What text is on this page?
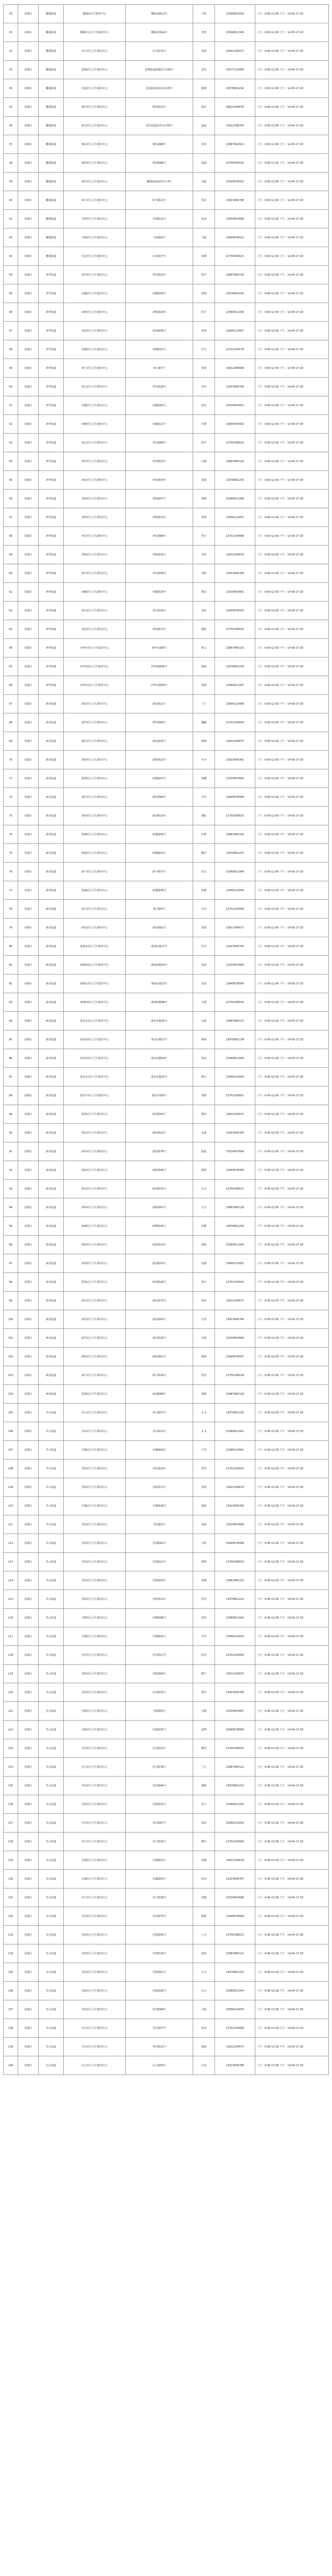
30	花城区	穗城街道	穗城南卫生服务中心	穗城南路13号	王辉	13566610000	上午：8:00-12:00 下午：14:00-17:30
31	花城区	穗城街道	穗城北社区卫生服务中心	穗城北路42号	李明	13566612345	上午：8:00-12:00 下午：14:00-17:30
32	花城区	穗城街道	东方社区卫生服务中心	东方路15号	张丽	15902196317	上午：8:00-12:00 下午：14:00-17:30
33	花城区	穗城街道	新城社区卫生服务中心	新城街道新城社区108号	刘芳	13577123456	上午：8:00-12:00 下午：14:00-17:30
34	花城区	穗城街道	花园社区卫生服务中心	花园街道花园社区26号	陈静	13578901234	上午：8:00-12:00 下午：14:00-17:30
35	花城区	穗城街道	锦华社区卫生服务中心	锦华路23号	杨洋	18612345678	上午：8:00-12:00 下午：14:00-17:30
36	花城区	穗城街道	阳光社区卫生服务中心	阳光街道阳光社区58号	赵磊	13912348765	上午：8:00-12:00 下午：14:00-17:30
37	花城区	穗城街道	城东社区卫生服务中心	城东路88号	黄伟	13687654321	上午：8:00-12:00 下午：14:00-17:30
38	花城区	穗城街道	城西社区卫生服务中心	城西路66号	周强	13798765432	上午：8:00-12:00 下午：14:00-17:30
39	花城区	穗城街道	康乐社区卫生服务中心	穗城街道康乐社区4号	吴敏	13545678901	上午：8:00-12:00 下午：14:00-17:30
40	花城区	穗城街道	和平社区卫生服务中心	和平路12号	郑洁	13823456789	上午：8:00-12:00 下午：14:00-17:30
41	花城区	穗城街道	光明社区卫生服务中心	光明路31号	孙涛	13934567890	上午：8:00-12:00 下午：14:00-17:30
42	花城区	穗城街道	幸福社区卫生服务中心	幸福路9号	马超	13645678912	上午：8:00-12:00 下午：14:00-17:30
43	花城区	穗城街道	长安社区卫生服务中心	长安路77号	朱琳	13756789023	上午：8:00-12:00 下午：14:00-17:30
44	花城区	西华街道	西华社区卫生服务中心	西华路23号	胡军	13867890134	上午：8:00-12:00 下午：14:00-17:30
45	花城区	西华街道	西湖社区卫生服务中心	西湖路45号	林峰	13978901245	上午：8:00-12:00 下午：14:00-17:30
46	花城区	西华街道	西岭社区卫生服务中心	西岭路18号	何平	13589012356	上午：8:00-12:00 下午：14:00-17:30
47	花城区	西华街道	西苑社区卫生服务中心	西苑路36号	高翔	13690123467	上午：8:00-12:00 下午：14:00-17:30
48	花城区	西华街道	西城社区卫生服务中心	西城路52号	罗丹	13701234578	上午：8:00-12:00 下午：14:00-17:30
49	花城区	西华街道	西门社区卫生服务中心	西门路7号	梁爽	13812345689	上午：8:00-12:00 下午：14:00-17:30
50	花城区	西华街道	西关社区卫生服务中心	西关路29号	宋佳	13923456790	上午：8:00-12:00 下午：14:00-17:30
51	花城区	西华街道	西溪社区卫生服务中心	西溪路63号	唐亮	13534567801	上午：8:00-12:00 下午：14:00-17:30
52	花城区	西华街道	西塘社区卫生服务中心	西塘路11号	许静	13645678902	上午：8:00-12:00 下午：14:00-17:30
53	花城区	西华街道	西山社区卫生服务中心	西山路84号	韩雪	13756789013	上午：8:00-12:00 下午：14:00-17:30
54	花城区	西华街道	西坪社区卫生服务中心	西坪路20号	冯刚	13867890124	上午：8:00-12:00 下午：14:00-17:30
55	花城区	西华街道	西滨社区卫生服务中心	西滨路39号	邓超	13978901235	上午：8:00-12:00 下午：14:00-17:30
56	花城区	西华街道	西海社区卫生服务中心	西海路57号	曹颖	13589012346	上午：8:00-12:00 下午：14:00-17:30
57	花城区	西华街道	西林社区卫生服务中心	西林路14号	彭博	13690123457	上午：8:00-12:00 下午：14:00-17:30
58	花城区	西华街道	西岸社区卫生服务中心	西岸路68号	曾宇	13701234568	上午：8:00-12:00 下午：14:00-17:30
59	花城区	西华街道	西桥社区卫生服务中心	西桥路33号	肖然	13812345679	上午：8:00-12:00 下午：14:00-17:30
60	花城区	西华街道	西亭社区卫生服务中心	西亭路49号	田野	13923456780	上午：8:00-12:00 下午：14:00-17:30
61	花城区	西华街道	西楼社区卫生服务中心	西楼路25号	董洁	13534567891	上午：8:00-12:00 下午：14:00-17:30
62	花城区	西华街道	西庄社区卫生服务中心	西庄路16号	袁浩	13645678903	上午：8:00-12:00 下午：14:00-17:30
63	花城区	西华街道	西园社区卫生服务中心	西园路72号	潘婷	13756789014	上午：8:00-12:00 下午：14:00-17:30
64	花城区	西华街道	西华东社区卫生服务中心	西华东路8号	蒋文	13867890125	上午：8:00-12:00 下午：14:00-17:30
65	花城区	西华街道	西华南社区卫生服务中心	西华南路30号	蔡丽	13978901236	上午：8:00-12:00 下午：14:00-17:30
66	花城区	西华街道	西华北社区卫生服务中心	西华北路44号	贾斌	13589012347	上午：8:00-12:00 下午：14:00-17:30
67	花城区	新安街道	新安社区卫生服务中心	新安路21号	丁宁	13690123458	上午：8:00-12:00 下午：14:00-17:30
68	花城区	新安街道	新华社区卫生服务中心	新华路60号	魏巍	13701234569	上午：8:00-12:00 下午：14:00-17:30
69	花城区	新安街道	新民社区卫生服务中心	新民路35号	薛梅	13812345670	上午：8:00-12:00 下午：14:00-17:30
70	花城区	新安街道	新桥社区卫生服务中心	新桥路12号	叶青	13923456781	上午：8:00-12:00 下午：14:00-17:30
71	花城区	新安街道	新港社区卫生服务中心	新港路47号	阎鹏	13534567892	上午：8:00-12:00 下午：14:00-17:30
72	花城区	新安街道	新村社区卫生服务中心	新村路83号	余华	13645678904	上午：8:00-12:00 下午：14:00-17:30
73	花城区	新安街道	新河社区卫生服务中心	新河路19号	潘阳	13756789015	上午：8:00-12:00 下午：14:00-17:30
74	花城区	新安街道	新湖社区卫生服务中心	新湖路56号	杜鹃	13867890126	上午：8:00-12:00 下午：14:00-17:30
75	花城区	新安街道	新塘社区卫生服务中心	新塘路24号	戴军	13978901237	上午：8:00-12:00 下午：14:00-17:30
76	花城区	新安街道	新丰社区卫生服务中心	新丰路71号	夏天	13589012348	上午：8:00-12:00 下午：14:00-17:30
77	花城区	新安街道	新盛社区卫生服务中心	新盛路38号	钟毅	13690123459	上午：8:00-12:00 下午：14:00-17:30
78	花城区	新安街道	新兴社区卫生服务中心	新兴路5号	汪洋	13701234560	上午：8:00-12:00 下午：14:00-17:30
79	花城区	新安街道	新光社区卫生服务中心	新光路62号	田甜	13812345671	上午：8:00-12:00 下午：14:00-17:30
80	花城区	新安街道	新城东社区卫生服务中心	新城东路27号	任杰	13923456782	上午：8:00-12:00 下午：14:00-17:30
81	花城区	新安街道	新城南社区卫生服务中心	新城南路50号	姜涛	13534567893	上午：8:00-12:00 下午：14:00-17:30
82	花城区	新安街道	新城北社区卫生服务中心	新城北路13号	范冰	13645678905	上午：8:00-12:00 下午：14:00-17:30
83	花城区	新安街道	新城西社区卫生服务中心	新城西路88号	方圆	13756789016	上午：8:00-12:00 下午：14:00-17:30
84	花城区	新安街道	新安东社区卫生服务中心	新安东路41号	石磊	13867890127	上午：8:00-12:00 下午：14:00-17:30
85	花城区	新安街道	新安西社区卫生服务中心	新安西路17号	姚明	13978901238	上午：8:00-12:00 下午：14:00-17:30
86	花城区	新安街道	新安南社区卫生服务中心	新安南路64号	谭晶	13589012349	上午：8:00-12:00 下午：14:00-17:30
87	花城区	新安街道	新安北社区卫生服务中心	新安北路32号	廖凡	13690123450	上午：8:00-12:00 下午：14:00-17:30
88	花城区	新安街道	新安中社区卫生服务中心	新安中路9号	邹静	13701234561	上午：8:00-12:00 下午：14:00-17:30
89	花城区	新安街道	新湾社区卫生服务中心	新湾路55号	熊伟	13812345672	上午：8:00-12:00 下午：14:00-17:30
90	花城区	新安街道	新田社区卫生服务中心	新田路22号	金鑫	13923456783	上午：8:00-12:00 下午：14:00-17:30
91	花城区	新安街道	新屋社区卫生服务中心	新屋路78号	陆地	13534567894	上午：8:00-12:00 下午：14:00-17:30
92	花城区	新安街道	新街社区卫生服务中心	新街路46号	郝帅	13645678906	上午：8:00-12:00 下午：14:00-17:30
93	花城区	新安街道	新岗社区卫生服务中心	新岗路15号	孔亮	13756789017	上午：8:00-12:00 下午：14:00-17:30
94	花城区	新安街道	新岭社区卫生服务中心	新岭路67号	白雪	13867890128	上午：8:00-12:00 下午：14:00-17:30
95	花城区	新安街道	新峰社区卫生服务中心	新峰路34号	崔健	13978901239	上午：8:00-12:00 下午：14:00-17:30
96	花城区	新安街道	新林社区卫生服务中心	新林路10号	康辉	13589012340	上午：8:00-12:00 下午：14:00-17:30
97	花城区	新安街道	新园社区卫生服务中心	新园路53号	毛毅	13690123451	上午：8:00-12:00 下午：14:00-17:30
98	花城区	新安街道	新苑社区卫生服务中心	新苑路28号	邱实	13701234562	上午：8:00-12:00 下午：14:00-17:30
99	花城区	新安街道	新景社区卫生服务中心	新景路75号	秦岚	13812345673	上午：8:00-12:00 下午：14:00-17:30
100	花城区	新安街道	新悦社区卫生服务中心	新悦路43号	江涛	13923456784	上午：8:00-12:00 下午：14:00-17:30
101	花城区	新安街道	新乐社区卫生服务中心	新乐路18号	史强	13534567895	上午：8:00-12:00 下午：14:00-17:30
102	花城区	新安街道	新和社区卫生服务中心	新和路61号	顾城	13645678907	上午：8:00-12:00 下午：14:00-17:30
103	花城区	新安街道	新平社区卫生服务中心	新平路26号	侯勇	13756789018	上午：8:00-12:00 下午：14:00-17:30
104	花城区	新安街道	新康社区卫生服务中心	新康路84号	邵峰	13867890129	上午：8:00-12:00 下午：14:00-17:30
105	花城区	青云街道	青云社区卫生服务中心	青云路37号	孟飞	13978901230	上午：8:00-12:00 下午：14:00-17:30
106	花城区	青云街道	青山社区卫生服务中心	青山路12号	龙飞	13589012341	上午：8:00-12:00 下午：14:00-17:30
107	花城区	青云街道	青湖社区卫生服务中心	青湖路59号	万里	13690123452	上午：8:00-12:00 下午：14:00-17:30
108	花城区	青云街道	青松社区卫生服务中心	青松路24号	段誉	13701234563	上午：8:00-12:00 下午：14:00-17:30
109	花城区	青云街道	青桥社区卫生服务中心	青桥路71号	雷鸣	13812345674	上午：8:00-12:00 下午：14:00-17:30
110	花城区	青云街道	青溪社区卫生服务中心	青溪路38号	钱程	13923456785	上午：8:00-12:00 下午：14:00-17:30
111	花城区	青云街道	青田社区卫生服务中心	青田路5号	汤圆	13534567896	上午：8:00-12:00 下午：14:00-17:30
112	花城区	青云街道	青园社区卫生服务中心	青园路62号	尹航	13645678908	上午：8:00-12:00 下午：14:00-17:30
113	花城区	青云街道	青苑社区卫生服务中心	青苑路27号	黎明	13756789019	上午：8:00-12:00 下午：14:00-17:30
114	花城区	青云街道	青林社区卫生服务中心	青林路50号	易峰	13867890120	上午：8:00-12:00 下午：14:00-17:30
115	花城区	青云街道	青岭社区卫生服务中心	青岭路13号	常青	13978901231	上午：8:00-12:00 下午：14:00-17:30
116	花城区	青云街道	青峰社区卫生服务中心	青峰路88号	武松	13589012342	上午：8:00-12:00 下午：14:00-17:30
117	花城区	青云街道	青城社区卫生服务中心	青城路41号	乔丹	13690123453	上午：8:00-12:00 下午：14:00-17:30
118	花城区	青云街道	青华社区卫生服务中心	青华路17号	贺军	13701234564	上午：8:00-12:00 下午：14:00-17:30
119	花城区	青云街道	青阳社区卫生服务中心	青阳路64号	赖宁	13812345675	上午：8:00-12:00 下午：14:00-17:30
120	花城区	青云街道	青河社区卫生服务中心	青河路32号	龚雪	13923456786	上午：8:00-12:00 下午：14:00-17:30
121	花城区	青云街道	青塘社区卫生服务中心	青塘路9号	文静	13534567897	上午：8:00-12:00 下午：14:00-17:30
122	花城区	青云街道	青港社区卫生服务中心	青港路55号	庞博	13645678909	上午：8:00-12:00 下午：14:00-17:30
123	花城区	青云街道	青光社区卫生服务中心	青光路22号	樊登	13756789010	上午：8:00-12:00 下午：14:00-17:30
124	花城区	青云街道	青兴社区卫生服务中心	青兴路78号	兰天	13867890121	上午：8:00-12:00 下午：14:00-17:30
125	花城区	青云街道	青安社区卫生服务中心	青安路46号	殷桃	13978901232	上午：8:00-12:00 下午：14:00-17:30
126	花城区	青云街道	青和社区卫生服务中心	青和路15号	莫言	13589012343	上午：8:00-12:00 下午：14:00-17:30
127	花城区	青云街道	青乐社区卫生服务中心	青乐路67号	葛优	13690123454	上午：8:00-12:00 下午：14:00-17:30
128	花城区	青云街道	青平社区卫生服务中心	青平路34号	柳岩	13701234565	上午：8:00-12:00 下午：14:00-17:30
129	花城区	青云街道	青康社区卫生服务中心	青康路10号	鲁豫	13812345676	上午：8:00-12:00 下午：14:00-17:30
130	花城区	青云街道	青盛社区卫生服务中心	青盛路53号	钟汉	13923456787	上午：8:00-12:00 下午：14:00-17:30
131	花城区	青云街道	青丰社区卫生服务中心	青丰路28号	苏醒	13534567898	上午：8:00-12:00 下午：14:00-17:30
132	花城区	青云街道	青景社区卫生服务中心	青景路75号	欧阳	13645678900	上午：8:00-12:00 下午：14:00-17:30
133	花城区	青云街道	青悦社区卫生服务中心	青悦路43号	上官	13756789011	上午：8:00-12:00 下午：14:00-17:30
134	花城区	青云街道	青湾社区卫生服务中心	青湾路18号	诸葛	13867890122	上午：8:00-12:00 下午：14:00-17:30
135	花城区	青云街道	青屋社区卫生服务中心	青屋路61号	司马	13978901233	上午：8:00-12:00 下午：14:00-17:30
136	花城区	青云街道	青街社区卫生服务中心	青街路26号	东方	13589012344	上午：8:00-12:00 下午：14:00-17:30
137	花城区	青云街道	青岗社区卫生服务中心	青岗路84号	令狐	13690123455	上午：8:00-12:00 下午：14:00-17:30
138	花城区	青云街道	青庄社区卫生服务中心	青庄路37号	慕容	13701234566	上午：8:00-12:00 下午：14:00-17:30
139	花城区	青云街道	青亭社区卫生服务中心	青亭路12号	独孤	13812345677	上午：8:00-12:00 下午：14:00-17:30
140	花城区	白云街道	白云社区卫生服务中心	白云路59号	公孙	13923456788	上午：8:00-12:00 下午：14:00-17:30
